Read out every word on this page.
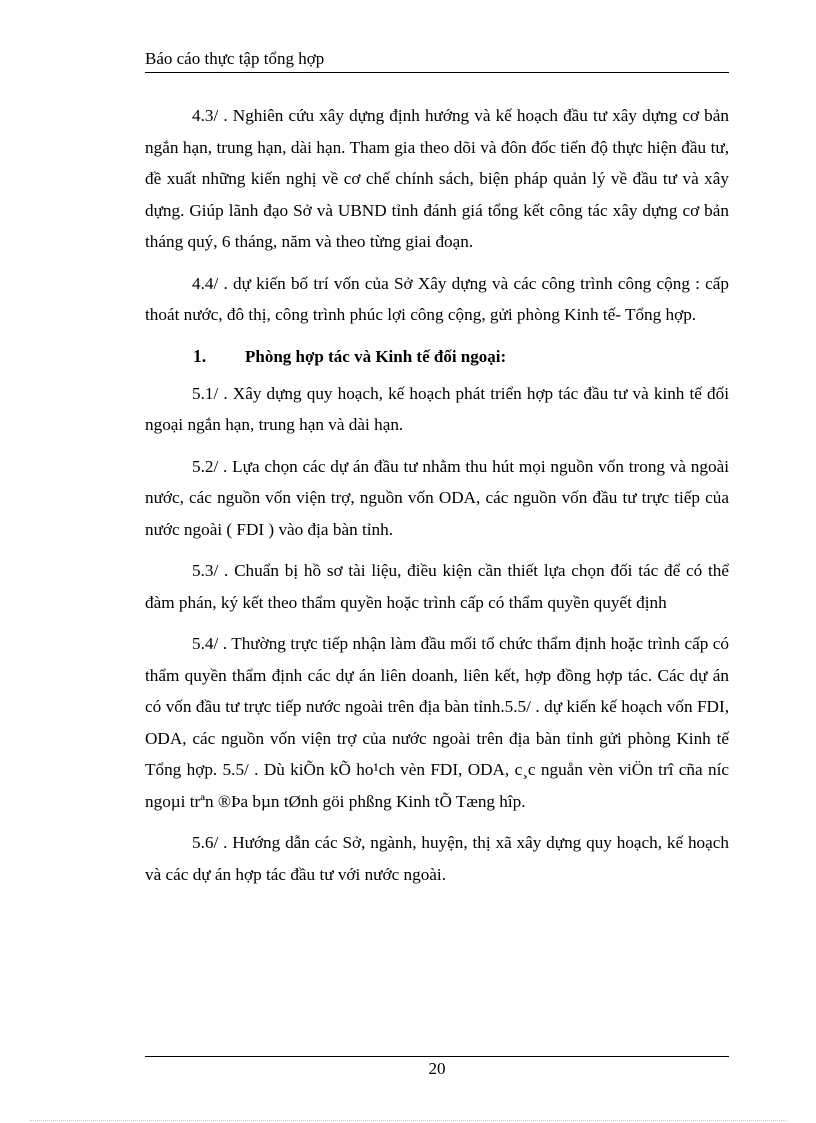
Báo cáo thực tập tổng hợp

4.3/ . Nghiên cứu xây dựng định hướng và kế hoạch đầu tư xây dựng cơ bản ngắn hạn, trung hạn, dài hạn. Tham gia theo dõi và đôn đốc tiến độ thực hiện đầu tư, đề xuất những kiến nghị về cơ chế chính sách, biện pháp quản lý về đầu tư và xây dựng. Giúp lãnh đạo Sở và UBND tỉnh đánh giá tổng kết công tác xây dựng cơ bản tháng quý, 6 tháng, năm và theo từng giai đoạn.

4.4/ . dự kiến bố trí vốn của Sở Xây dựng và các công trình công cộng : cấp thoát nước, đô thị, công trình phúc lợi công cộng, gửi phòng Kinh tế- Tổng hợp.

1.	Phòng hợp tác và Kinh tế đối ngoại:

5.1/ . Xây dựng quy hoạch, kế hoạch phát triển hợp tác đầu tư và kinh tế đối ngoại ngắn hạn, trung hạn và dài hạn.

5.2/ . Lựa chọn các dự án đầu tư nhằm thu hút mọi nguồn vốn trong và ngoài nước, các nguồn vốn viện trợ, nguồn vốn ODA, các nguồn vốn đầu tư trực tiếp của nước ngoài ( FDI ) vào địa bàn tỉnh.

5.3/ . Chuẩn bị hồ sơ tài liệu, điều kiện cần thiết lựa chọn đối tác để có thể đàm phán, ký kết theo thẩm quyền hoặc trình cấp có thẩm quyền quyết định

5.4/ . Thường trực tiếp nhận làm đầu mối tổ chức thẩm định hoặc trình cấp có thẩm quyền thẩm định các dự án liên doanh, liên kết, hợp đồng hợp tác. Các dự án có vốn đầu tư trực tiếp nước ngoài trên địa bàn tỉnh.5.5/ . dự kiến kế hoạch vốn FDI, ODA, các nguồn vốn viện trợ của nước ngoài trên địa bàn tỉnh gửi phòng Kinh tế Tổng hợp. 5.5/ . Dù kiÕn kÕ ho¹ch vèn FDI, ODA, c¸c nguån vèn viÖn trî cña níc ngoµi trªn ®Þa bµn tØnh göi phßng Kinh tÕ Tæng hîp.

5.6/ . Hướng dẫn các Sở, ngành, huyện, thị xã xây dựng quy hoạch, kế hoạch và các dự án hợp tác đầu tư với nước ngoài.

20
